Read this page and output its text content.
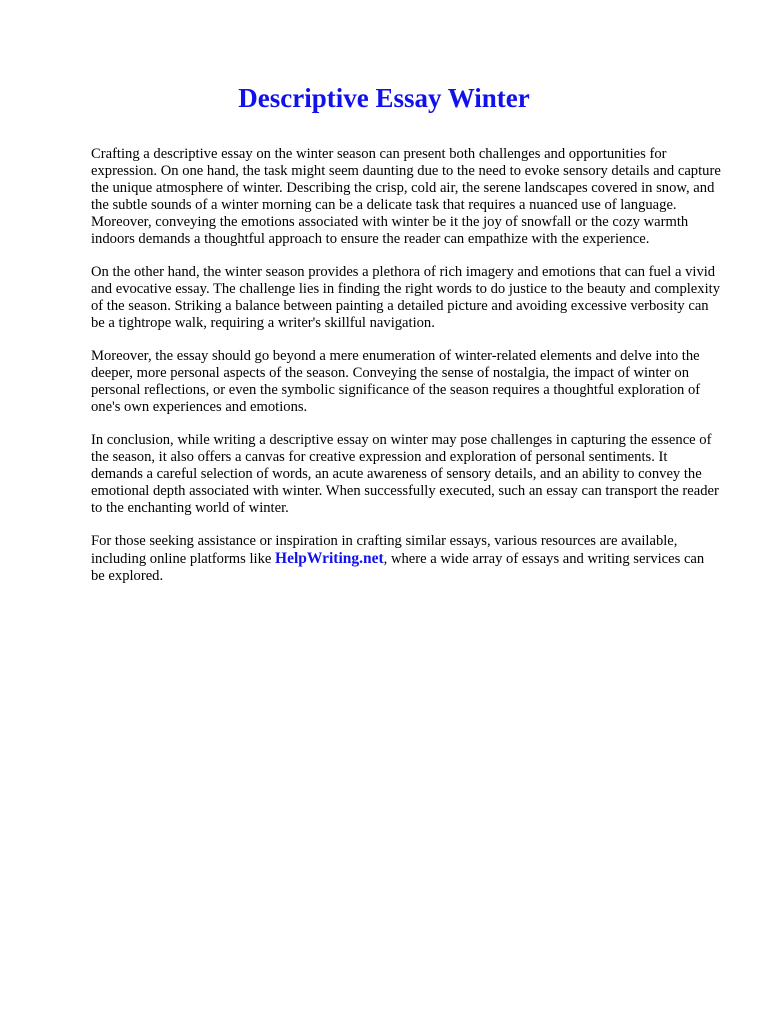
Descriptive Essay Winter

Crafting a descriptive essay on the winter season can present both challenges and opportunities for expression. On one hand, the task might seem daunting due to the need to evoke sensory details and capture the unique atmosphere of winter. Describing the crisp, cold air, the serene landscapes covered in snow, and the subtle sounds of a winter morning can be a delicate task that requires a nuanced use of language. Moreover, conveying the emotions associated with winter be it the joy of snowfall or the cozy warmth indoors demands a thoughtful approach to ensure the reader can empathize with the experience.

On the other hand, the winter season provides a plethora of rich imagery and emotions that can fuel a vivid and evocative essay. The challenge lies in finding the right words to do justice to the beauty and complexity of the season. Striking a balance between painting a detailed picture and avoiding excessive verbosity can be a tightrope walk, requiring a writer's skillful navigation.

Moreover, the essay should go beyond a mere enumeration of winter-related elements and delve into the deeper, more personal aspects of the season. Conveying the sense of nostalgia, the impact of winter on personal reflections, or even the symbolic significance of the season requires a thoughtful exploration of one's own experiences and emotions.

In conclusion, while writing a descriptive essay on winter may pose challenges in capturing the essence of the season, it also offers a canvas for creative expression and exploration of personal sentiments. It demands a careful selection of words, an acute awareness of sensory details, and an ability to convey the emotional depth associated with winter. When successfully executed, such an essay can transport the reader to the enchanting world of winter.

For those seeking assistance or inspiration in crafting similar essays, various resources are available, including online platforms like HelpWriting.net, where a wide array of essays and writing services can be explored.
